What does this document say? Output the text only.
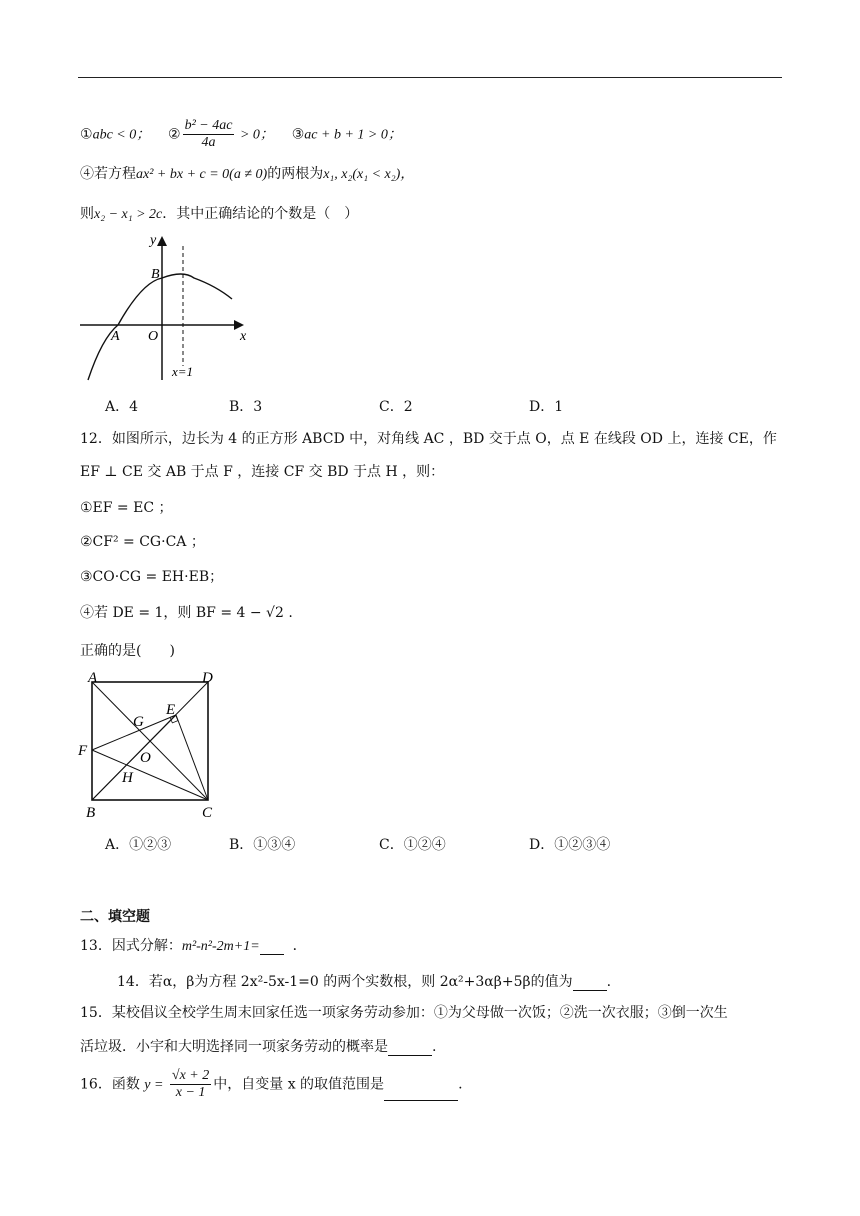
①abc < 0； ② $\frac{\text{b² − 4ac}}{4a} > 0$； ③ac + b + 1 > 0；
④若方程ax² + bx + c = 0(a ≠ 0)的两根为x₁, x₂(x₁ < x₂)，
则x₂ − x₁ > 2c．其中正确结论的个数是（　）
y
x
B
A O
x=1
A．4	B．3	C．2	D．1
12．如图所示，边长为 4 的正方形 ABCD 中，对角线 AC ，BD 交于点 O，点 E 在线段 OD 上，连接 CE，作
EF ⊥ CE 交 AB 于点 F ，连接 CF 交 BD 于点 H ，则：
①EF = EC ；
②CF² = CG·CA ；
③CO·CG = EH·EB；
④若 DE = 1，则 BF = 4 − √2 .
正确的是(　　)
A	D
B	C
E
G
F	O
H
A．①②③	B．①③④	C．①②④	D．①②③④
二、填空题
13．因式分解：m²-n²-2m+1= ．
14．若α，β为方程 2x²-5x-1=0 的两个实数根，则 2α²+3αβ+5β的值为 .
15．某校倡议全校学生周末回家任选一项家务劳动参加：①为父母做一次饭；②洗一次衣服；③倒一次生
活垃圾．小宇和大明选择同一项家务劳动的概率是	.
16．函数 $y = \frac{√x + 2}{x - 1}$ 中，自变量 x 的取值范围是	.
